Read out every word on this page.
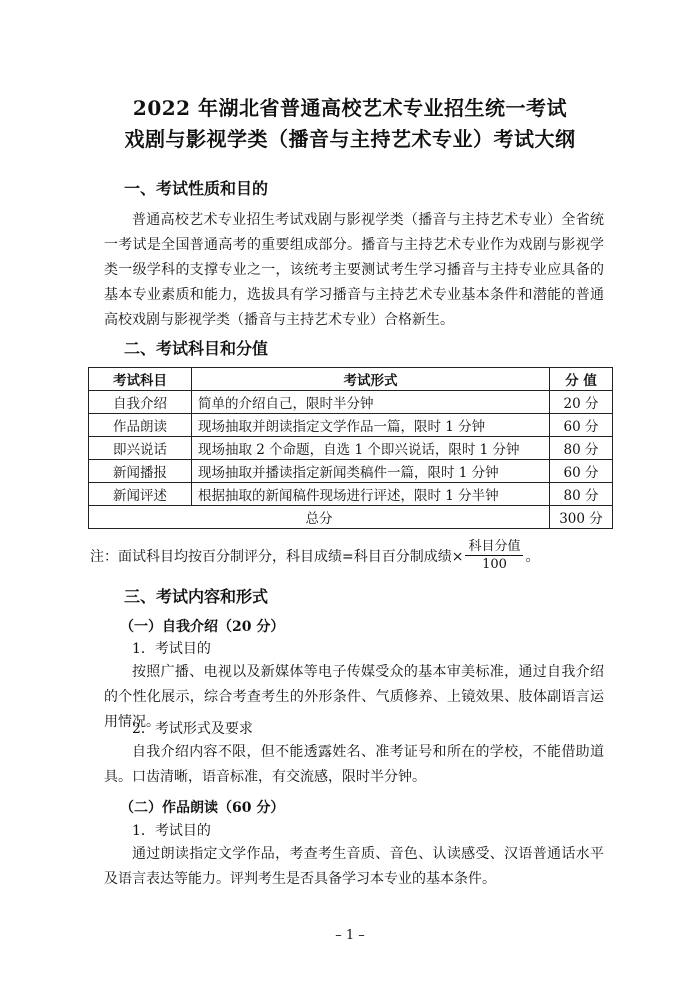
2022 年湖北省普通高校艺术专业招生统一考试
戏剧与影视学类（播音与主持艺术专业）考试大纲
一、考试性质和目的
普通高校艺术专业招生考试戏剧与影视学类（播音与主持艺术专业）全省统一考试是全国普通高考的重要组成部分。播音与主持艺术专业作为戏剧与影视学类一级学科的支撑专业之一，该统考主要测试考生学习播音与主持专业应具备的基本专业素质和能力，选拔具有学习播音与主持艺术专业基本条件和潜能的普通高校戏剧与影视学类（播音与主持艺术专业）合格新生。
二、考试科目和分值
考试科目	考试形式	分 值
自我介绍	简单的介绍自己，限时半分钟	20 分
作品朗读	现场抽取并朗读指定文学作品一篇，限时 1 分钟	60 分
即兴说话	现场抽取 2 个命题，自选 1 个即兴说话，限时 1 分钟	80 分
新闻播报	现场抽取并播读指定新闻类稿件一篇，限时 1 分钟	60 分
新闻评述	根据抽取的新闻稿件现场进行评述，限时 1 分半钟	80 分
总分		300 分
注：面试科目均按百分制评分，科目成绩=科目百分制成绩× $\frac{\text{科目分值}}{100}$ 。
三、考试内容和形式
（一）自我介绍（20 分）
1．考试目的
按照广播、电视以及新媒体等电子传媒受众的基本审美标准，通过自我介绍的个性化展示，综合考查考生的外形条件、气质修养、上镜效果、肢体副语言运用情况。
2．考试形式及要求
自我介绍内容不限，但不能透露姓名、准考证号和所在的学校，不能借助道具。口齿清晰，语音标准，有交流感，限时半分钟。
（二）作品朗读（60 分）
1．考试目的
通过朗读指定文学作品，考查考生音质、音色、认读感受、汉语普通话水平及语言表达等能力。评判考生是否具备学习本专业的基本条件。
– 1 –
